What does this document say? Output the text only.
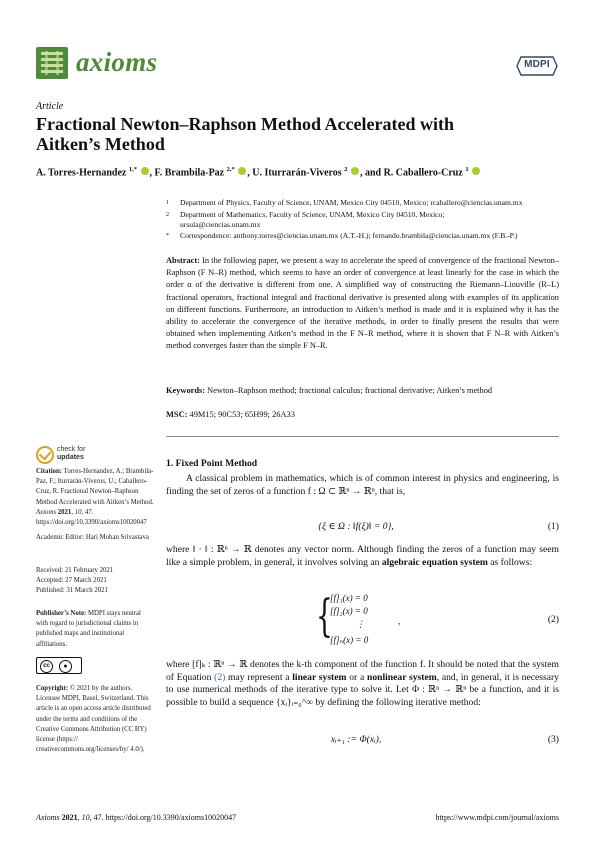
axioms	MDPI
Article
Fractional Newton–Raphson Method Accelerated with
Aitken’s Method
A. Torres-Hernandez $^{1,*}$ , F. Brambila-Paz $^{2,*}$ , U. Iturrarán-Viveros $^2$ , and R. Caballero-Cruz $^1$
1 Department of Physics, Faculty of Science, UNAM, Mexico City 04510, Mexico; rcaballero@ciencias.unam.mx
2 Department of Mathematics, Faculty of Science, UNAM, Mexico City 04510, Mexico;
ursula@ciencias.unam.mx
* Correspondence: anthony.torres@ciencias.unam.mx (A.T.-H.); fernando.brambila@ciencias.unam.mx (F.B.-P.)
Abstract: In the following paper, we present a way to accelerate the speed of convergence of the fractional Newton–Raphson (F N–R) method, which seems to have an order of convergence at least linearly for the case in which the order α of the derivative is different from one. A simplified way of constructing the Riemann–Liouville (R–L) fractional operators, fractional integral and fractional derivative is presented along with examples of its application on different functions. Furthermore, an introduction to Aitken’s method is made and it is explained why it has the ability to accelerate the convergence of the iterative methods, in order to finally present the results that were obtained when implementing Aitken’s method in the F N–R method, where it is shown that F N–R with Aitken’s method converges faster than the simple F N–R.
Keywords: Newton–Raphson method; fractional calculus; fractional derivative; Aitken’s method
MSC: 49M15; 90C53; 65H99; 26A33
check for
updates
Citation: Torres-Hernandez, A.; Brambila-Paz, F.; Iturrarán-Viveros, U.; Caballero-Cruz, R. Fractional Newton–Raphson Method Accelerated with Aitken’s Method. Axioms 2021, 10, 47. https://doi.org/10.3390/axioms10020047
Academic Editor: Hari Mohan Srivastava
Received: 21 February 2021
Accepted: 27 March 2021
Published: 31 March 2021
Publisher’s Note: MDPI stays neutral with regard to jurisdictional claims in published maps and institutional affiliations.
cc	●
Copyright: © 2021 by the authors. Licensee MDPI, Basel, Switzerland. This article is an open access article distributed under the terms and conditions of the Creative Commons Attribution (CC BY) license (https:// creativecommons.org/licenses/by/ 4.0/).
1. Fixed Point Method
A classical problem in mathematics, which is of common interest in physics and engineering, is finding the set of zeros of a function f : Ω ⊂ ℝⁿ → ℝⁿ, that is,
{ξ ∈ Ω : ‖f(ξ)‖ = 0},	(1)
where ‖ · ‖ : ℝⁿ → ℝ denotes any vector norm. Although finding the zeros of a function may seem like a simple problem, in general, it involves solving an algebraic equation system as follows:
{
[f]₁(x) = 0
[f]₂(x) = 0
⋮
[f]ₙ(x) = 0
,	(2)
where [f]ₖ : ℝⁿ → ℝ denotes the k-th component of the function f. It should be noted that the system of Equation (2) may represent a linear system or a nonlinear system, and, in general, it is necessary to use numerical methods of the iterative type to solve it. Let Φ : ℝⁿ → ℝⁿ be a function, and it is possible to build a sequence {xᵢ}ᵢ₌₀^∞ by defining the following iterative method:
xᵢ₊₁ := Φ(xᵢ),	(3)
Axioms 2021, 10, 47. https://doi.org/10.3390/axioms10020047	https://www.mdpi.com/journal/axioms
